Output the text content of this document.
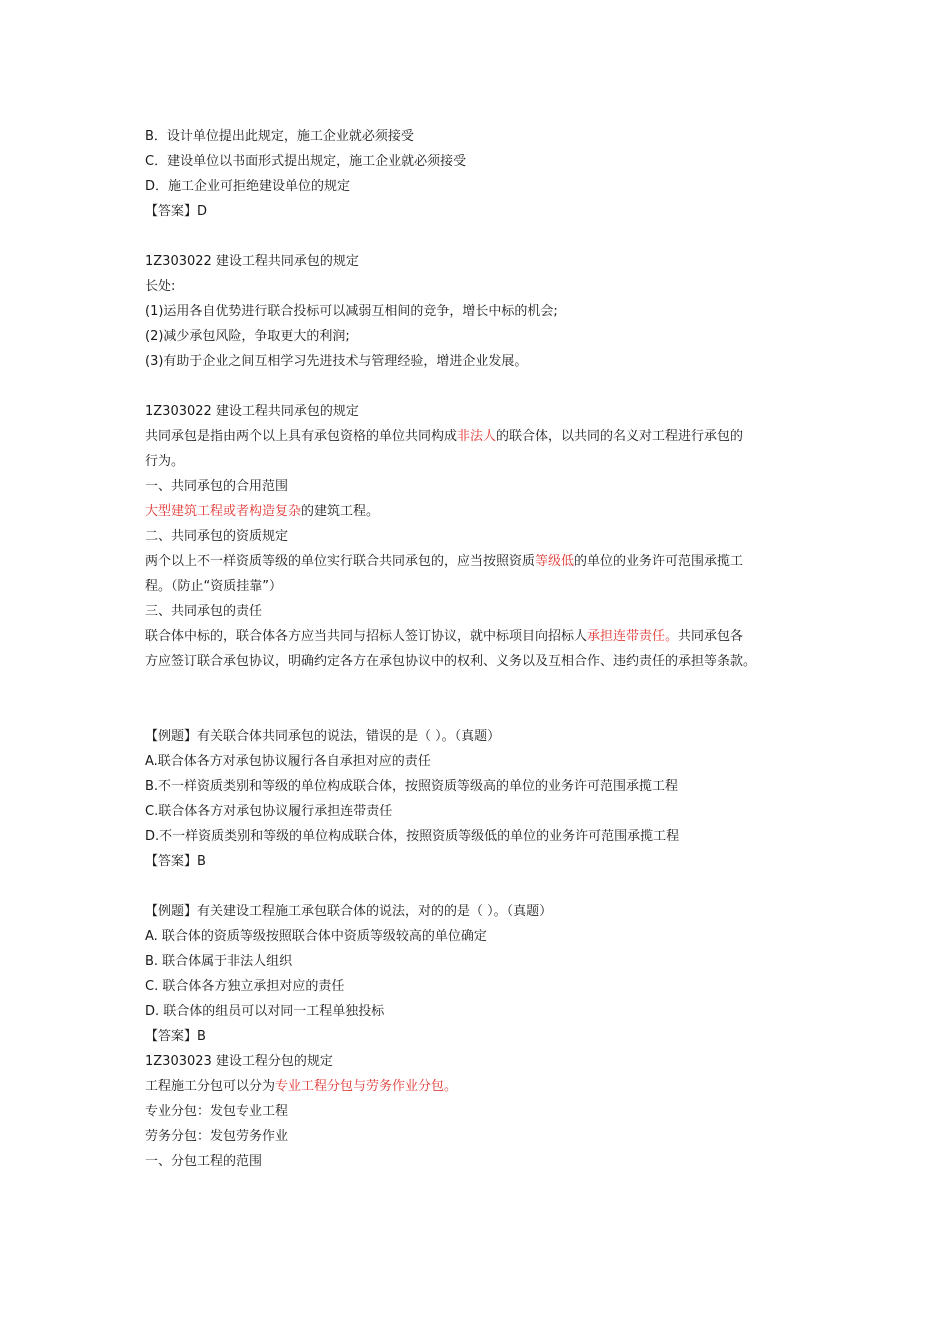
B．设计单位提出此规定，施工企业就必须接受
C．建设单位以书面形式提出规定，施工企业就必须接受
D．施工企业可拒绝建设单位的规定
【答案】D
1Z303022 建设工程共同承包的规定
长处:
(1)运用各自优势进行联合投标可以减弱互相间的竞争，增长中标的机会;
(2)减少承包风险，争取更大的利润;
(3)有助于企业之间互相学习先进技术与管理经验，增进企业发展。
1Z303022 建设工程共同承包的规定
共同承包是指由两个以上具有承包资格的单位共同构成非法人的联合体，以共同的名义对工程进行承包的
行为。
一、共同承包的合用范围
大型建筑工程或者构造复杂的建筑工程。
二、共同承包的资质规定
两个以上不一样资质等级的单位实行联合共同承包的，应当按照资质等级低的单位的业务许可范围承揽工
程。（防止“资质挂靠”）
三、共同承包的责任
联合体中标的，联合体各方应当共同与招标人签订协议，就中标项目向招标人承担连带责任。共同承包各
方应签订联合承包协议，明确约定各方在承包协议中的权利、义务以及互相合作、违约责任的承担等条款。
【例题】有关联合体共同承包的说法，错误的是（ ）。（真题）
A.联合体各方对承包协议履行各自承担对应的责任
B.不一样资质类别和等级的单位构成联合体，按照资质等级高的单位的业务许可范围承揽工程
C.联合体各方对承包协议履行承担连带责任
D.不一样资质类别和等级的单位构成联合体，按照资质等级低的单位的业务许可范围承揽工程
【答案】B
【例题】有关建设工程施工承包联合体的说法，对的的是（ ）。（真题）
A. 联合体的资质等级按照联合体中资质等级较高的单位确定
B. 联合体属于非法人组织
C. 联合体各方独立承担对应的责任
D. 联合体的组员可以对同一工程单独投标
【答案】B
1Z303023 建设工程分包的规定
工程施工分包可以分为专业工程分包与劳务作业分包。
专业分包：发包专业工程
劳务分包：发包劳务作业
一、分包工程的范围
